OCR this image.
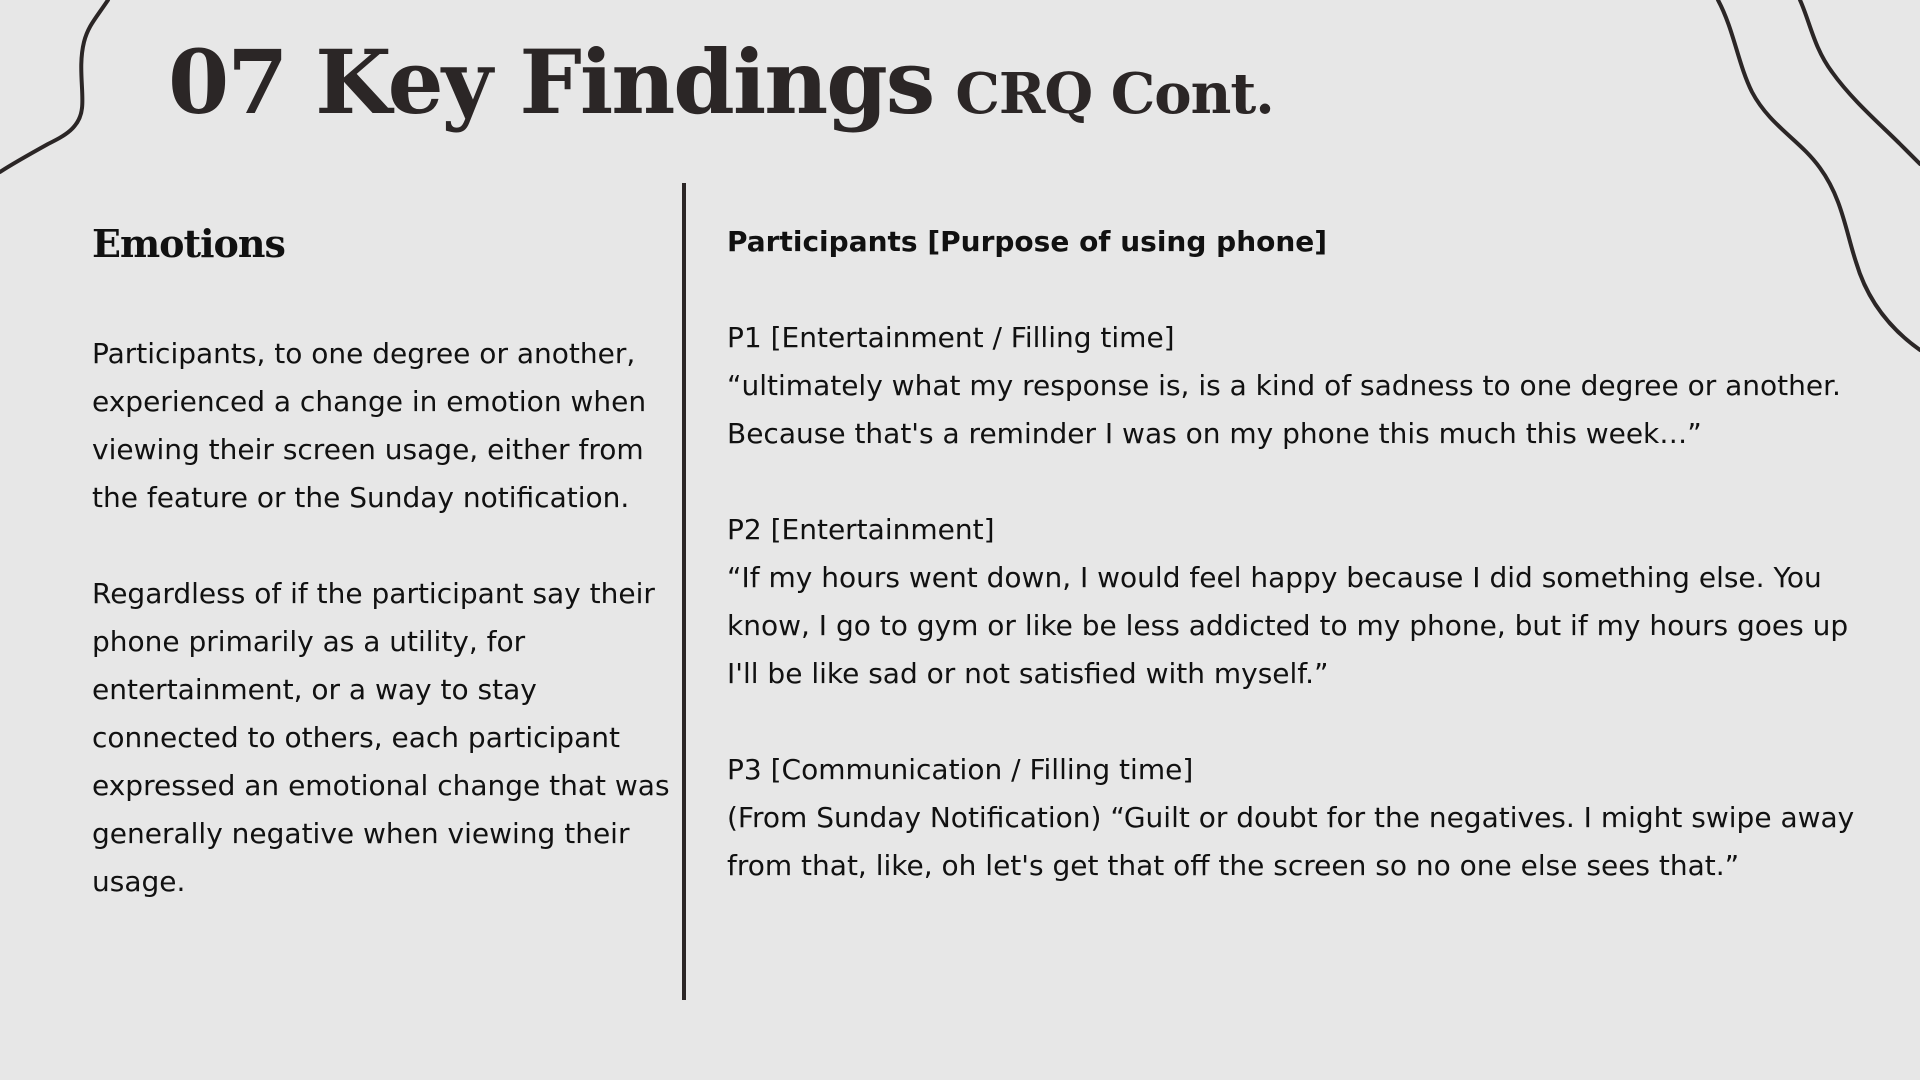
07 Key Findings CRQ Cont.
Emotions

Participants, to one degree or another, experienced a change in emotion when viewing their screen usage, either from the feature or the Sunday notification.

Regardless of if the participant say their phone primarily as a utility, for entertainment, or a way to stay connected to others, each participant expressed an emotional change that was generally negative when viewing their usage.

Participants [Purpose of using phone]
P1 [Entertainment / Filling time]
“ultimately what my response is, is a kind of sadness to one degree or another. Because that's a reminder I was on my phone this much this week…”
P2 [Entertainment]
“If my hours went down, I would feel happy because I did something else. You know, I go to gym or like be less addicted to my phone, but if my hours goes up I'll be like sad or not satisfied with myself.”
P3 [Communication / Filling time]
(From Sunday Notification) “Guilt or doubt for the negatives. I might swipe away from that, like, oh let's get that off the screen so no one else sees that.”
